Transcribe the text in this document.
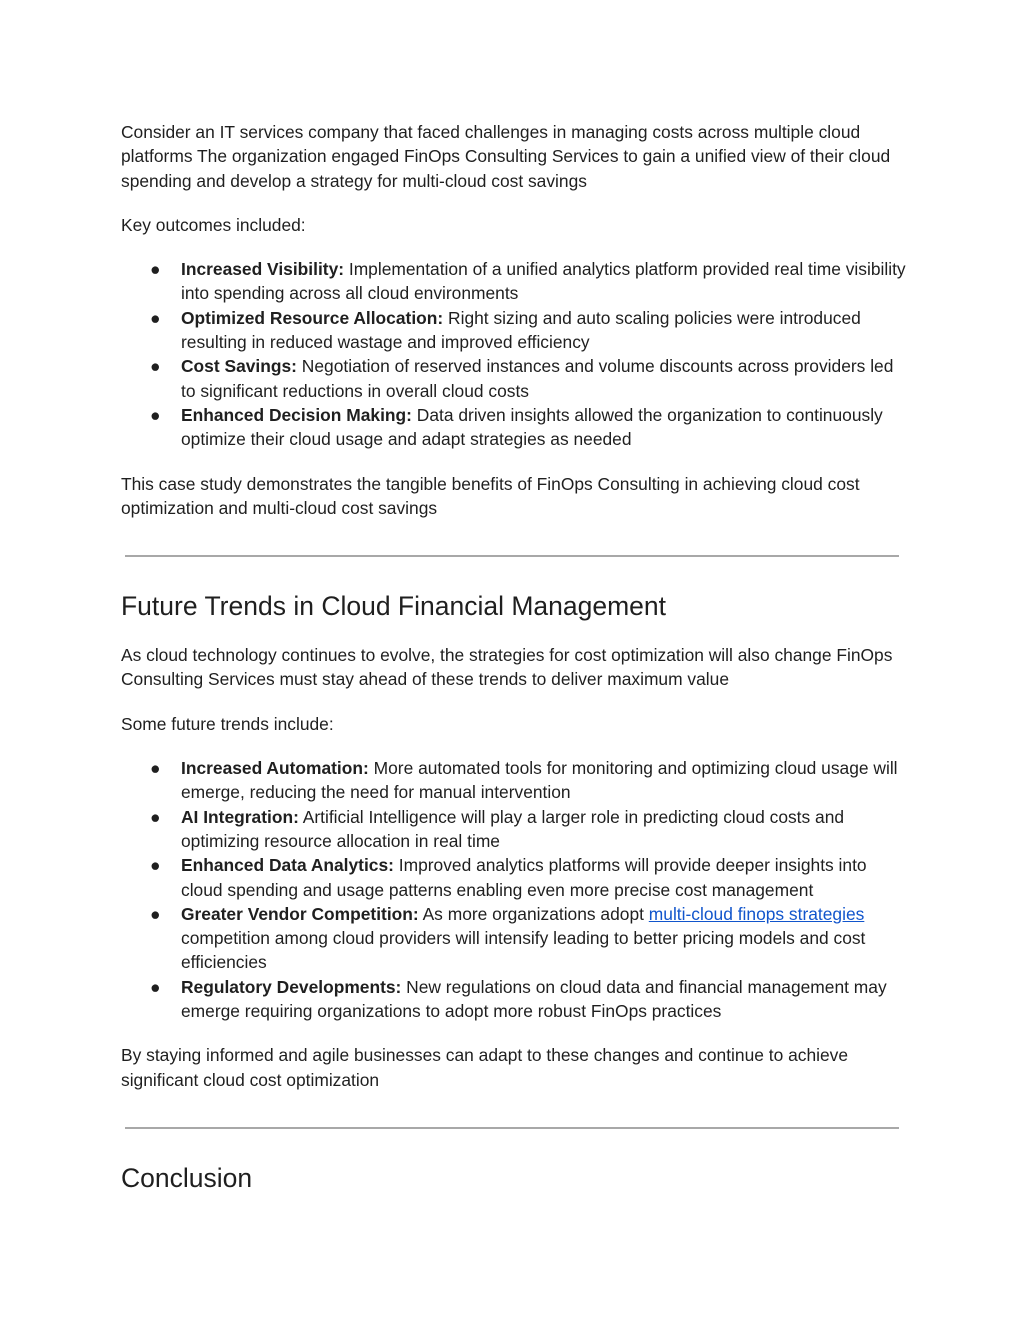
Consider an IT services company that faced challenges in managing costs across multiple cloud platforms The organization engaged FinOps Consulting Services to gain a unified view of their cloud spending and develop a strategy for multi-cloud cost savings

Key outcomes included:

● Increased Visibility: Implementation of a unified analytics platform provided real time visibility into spending across all cloud environments
● Optimized Resource Allocation: Right sizing and auto scaling policies were introduced resulting in reduced wastage and improved efficiency
● Cost Savings: Negotiation of reserved instances and volume discounts across providers led to significant reductions in overall cloud costs
● Enhanced Decision Making: Data driven insights allowed the organization to continuously optimize their cloud usage and adapt strategies as needed

This case study demonstrates the tangible benefits of FinOps Consulting in achieving cloud cost optimization and multi-cloud cost savings

Future Trends in Cloud Financial Management

As cloud technology continues to evolve, the strategies for cost optimization will also change FinOps Consulting Services must stay ahead of these trends to deliver maximum value

Some future trends include:

● Increased Automation: More automated tools for monitoring and optimizing cloud usage will emerge, reducing the need for manual intervention
● AI Integration: Artificial Intelligence will play a larger role in predicting cloud costs and optimizing resource allocation in real time
● Enhanced Data Analytics: Improved analytics platforms will provide deeper insights into cloud spending and usage patterns enabling even more precise cost management
● Greater Vendor Competition: As more organizations adopt multi-cloud finops strategies competition among cloud providers will intensify leading to better pricing models and cost efficiencies
● Regulatory Developments: New regulations on cloud data and financial management may emerge requiring organizations to adopt more robust FinOps practices

By staying informed and agile businesses can adapt to these changes and continue to achieve significant cloud cost optimization

Conclusion
